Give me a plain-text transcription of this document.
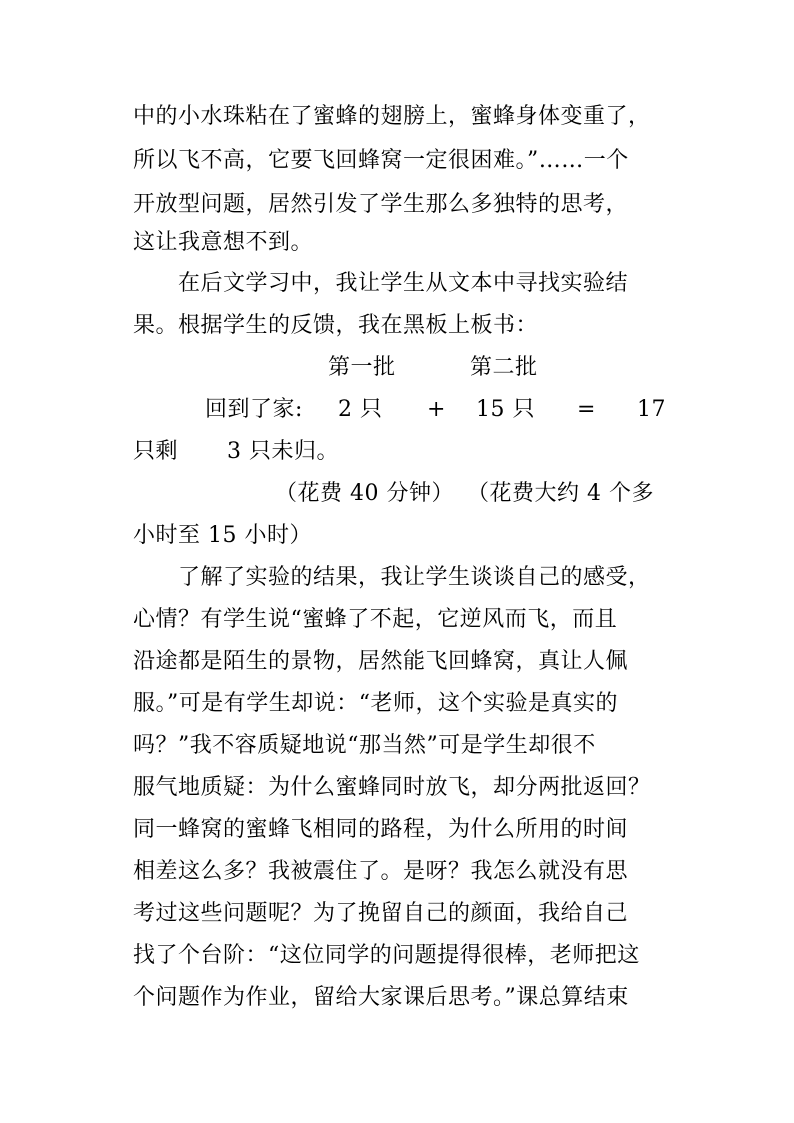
中的小水珠粘在了蜜蜂的翅膀上，蜜蜂身体变重了，
所以飞不高，它要飞回蜂窝一定很困难。”……一个
开放型问题，居然引发了学生那么多独特的思考，
这让我意想不到。
在后文学习中，我让学生从文本中寻找实验结
果。根据学生的反馈，我在黑板上板书：

第一批

	第二批

回到了家:

2 只

+

15 只

=

17

只剩

3 只未归。

（花费 40 分钟）

（花费大约 4 个多

小时至 15 小时）
了解了实验的结果，我让学生谈谈自己的感受，
心情？有学生说“蜜蜂了不起，它逆风而飞，而且
沿途都是陌生的景物，居然能飞回蜂窝，真让人佩
服。”可是有学生却说：“老师，这个实验是真实的
吗？”我不容质疑地说“那当然”可是学生却很不
服气地质疑：为什么蜜蜂同时放飞，却分两批返回？
同一蜂窝的蜜蜂飞相同的路程，为什么所用的时间
相差这么多？我被震住了。是呀？我怎么就没有思
考过这些问题呢？为了挽留自己的颜面，我给自己
找了个台阶：“这位同学的问题提得很棒，老师把这
个问题作为作业，留给大家课后思考。”课总算结束
